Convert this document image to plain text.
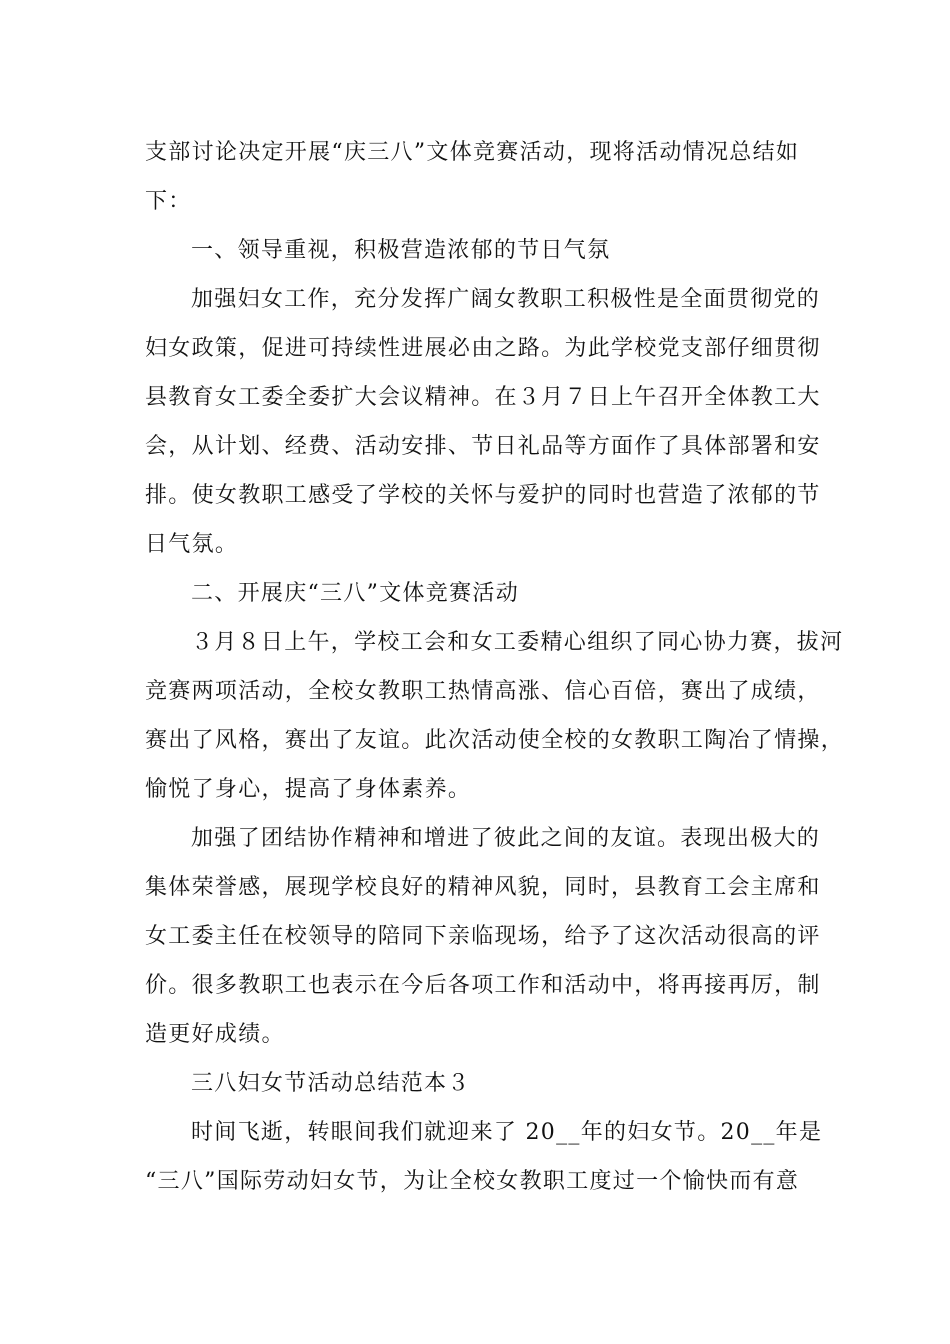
支部讨论决定开展“庆三八”文体竞赛活动，现将活动情况总结如
下：
一、领导重视，积极营造浓郁的节日气氛
加强妇女工作，充分发挥广阔女教职工积极性是全面贯彻党的
妇女政策，促进可持续性进展必由之路。为此学校党支部仔细贯彻
县教育女工委全委扩大会议精神。在３月７日上午召开全体教工大
会，从计划、经费、活动安排、节日礼品等方面作了具体部署和安
排。使女教职工感受了学校的关怀与爱护的同时也营造了浓郁的节
日气氛。
二、开展庆“三八”文体竞赛活动
３月８日上午，学校工会和女工委精心组织了同心协力赛，拔河
竞赛两项活动，全校女教职工热情高涨、信心百倍，赛出了成绩，
赛出了风格，赛出了友谊。此次活动使全校的女教职工陶冶了情操，
愉悦了身心，提高了身体素养。
加强了团结协作精神和增进了彼此之间的友谊。表现出极大的
集体荣誉感，展现学校良好的精神风貌，同时，县教育工会主席和
女工委主任在校领导的陪同下亲临现场，给予了这次活动很高的评
价。很多教职工也表示在今后各项工作和活动中，将再接再厉，制
造更好成绩。
三八妇女节活动总结范本３
时间飞逝，转眼间我们就迎来了 20__年的妇女节。20__年是
“三八”国际劳动妇女节，为让全校女教职工度过一个愉快而有意
